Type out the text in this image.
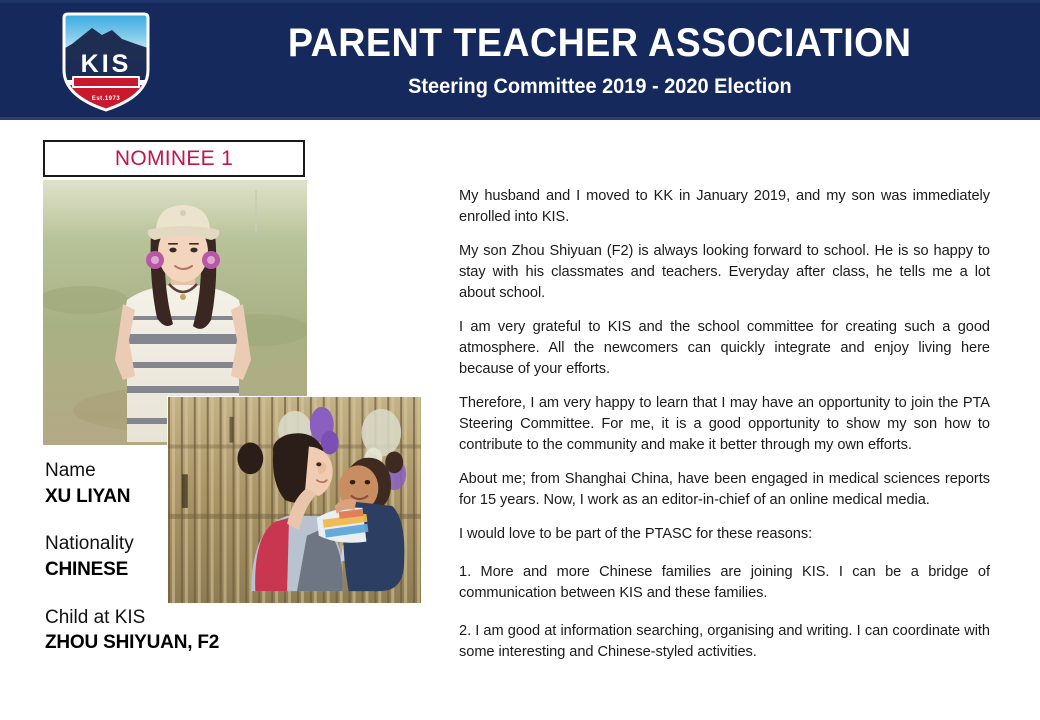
KIS
SABAH
Est.1973
PARENT TEACHER ASSOCIATION
Steering Committee 2019 - 2020 Election
NOMINEE 1

Name

XU LIYAN

Nationality

CHINESE

Child at KIS

ZHOU SHIYUAN, F2

My husband and I moved to KK in January 2019, and my son was immediately enrolled into KIS.

My son Zhou Shiyuan (F2) is always looking forward to school. He is so happy to stay with his classmates and teachers. Everyday after class, he tells me a lot about school.

I am very grateful to KIS and the school committee for creating such a good atmosphere. All the newcomers can quickly integrate and enjoy living here because of your efforts.

Therefore, I am very happy to learn that I may have an opportunity to join the PTA Steering Committee. For me, it is a good opportunity to show my son how to contribute to the community and make it better through my own efforts.

About me; from Shanghai China, have been engaged in medical sciences reports for 15 years. Now, I work as an editor-in-chief of an online medical media.

I would love to be part of the PTASC for these reasons:

1. More and more Chinese families are joining KIS. I can be a bridge of communication between KIS and these families.

2. I am good at information searching, organising and writing. I can coordinate with some interesting and Chinese-styled activities.
